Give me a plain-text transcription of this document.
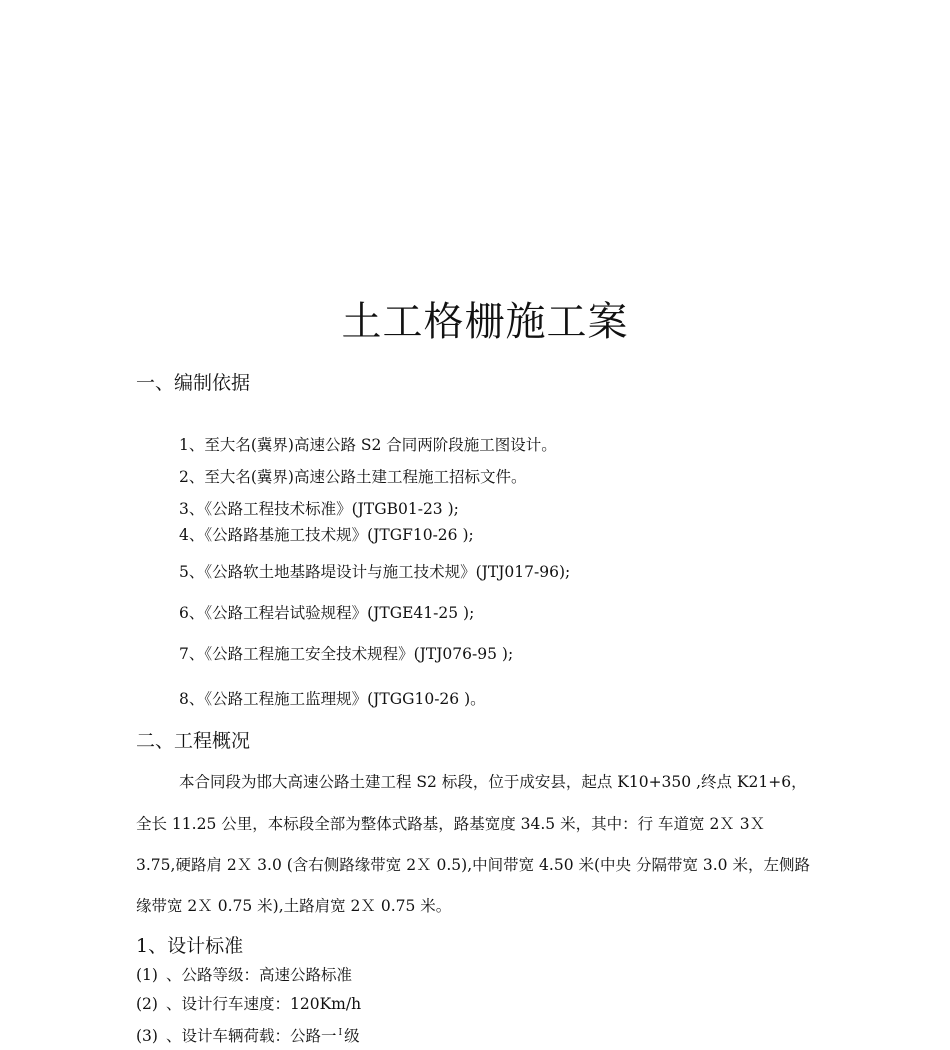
土工格栅施工案
一、编制依据
1、至大名(冀界)高速公路 S2 合同两阶段施工图设计。
2、至大名(冀界)高速公路土建工程施工招标文件。
3、《公路工程技术标准》(JTGB01-23 );
4、《公路路基施工技术规》(JTGF10-26 );
5、《公路软土地基路堤设计与施工技术规》(JTJ017-96);
6、《公路工程岩试验规程》(JTGE41-25 );
7、《公路工程施工安全技术规程》(JTJ076-95 );
8、《公路工程施工监理规》(JTGG10-26 )。
二、工程概况
本合同段为邯大高速公路土建工程 S2 标段，位于成安县，起点 K10+350 ,终点 K21+6，
全长 11.25 公里，本标段全部为整体式路基，路基宽度 34.5 米，其中：行 车道宽 2Ｘ 3Ｘ
3.75,硬路肩 2Ｘ 3.0 (含右侧路缘带宽 2Ｘ 0.5),中间带宽 4.50 米(中央 分隔带宽 3.0 米，左侧路
缘带宽 2Ｘ 0.75 米),土路肩宽 2Ｘ 0.75 米。
1、设计标准
(1) 、公路等级：高速公路标准
(2) 、设计行车速度：120Km/h
(3) 、设计车辆荷载：公路一 $^I$ 级
